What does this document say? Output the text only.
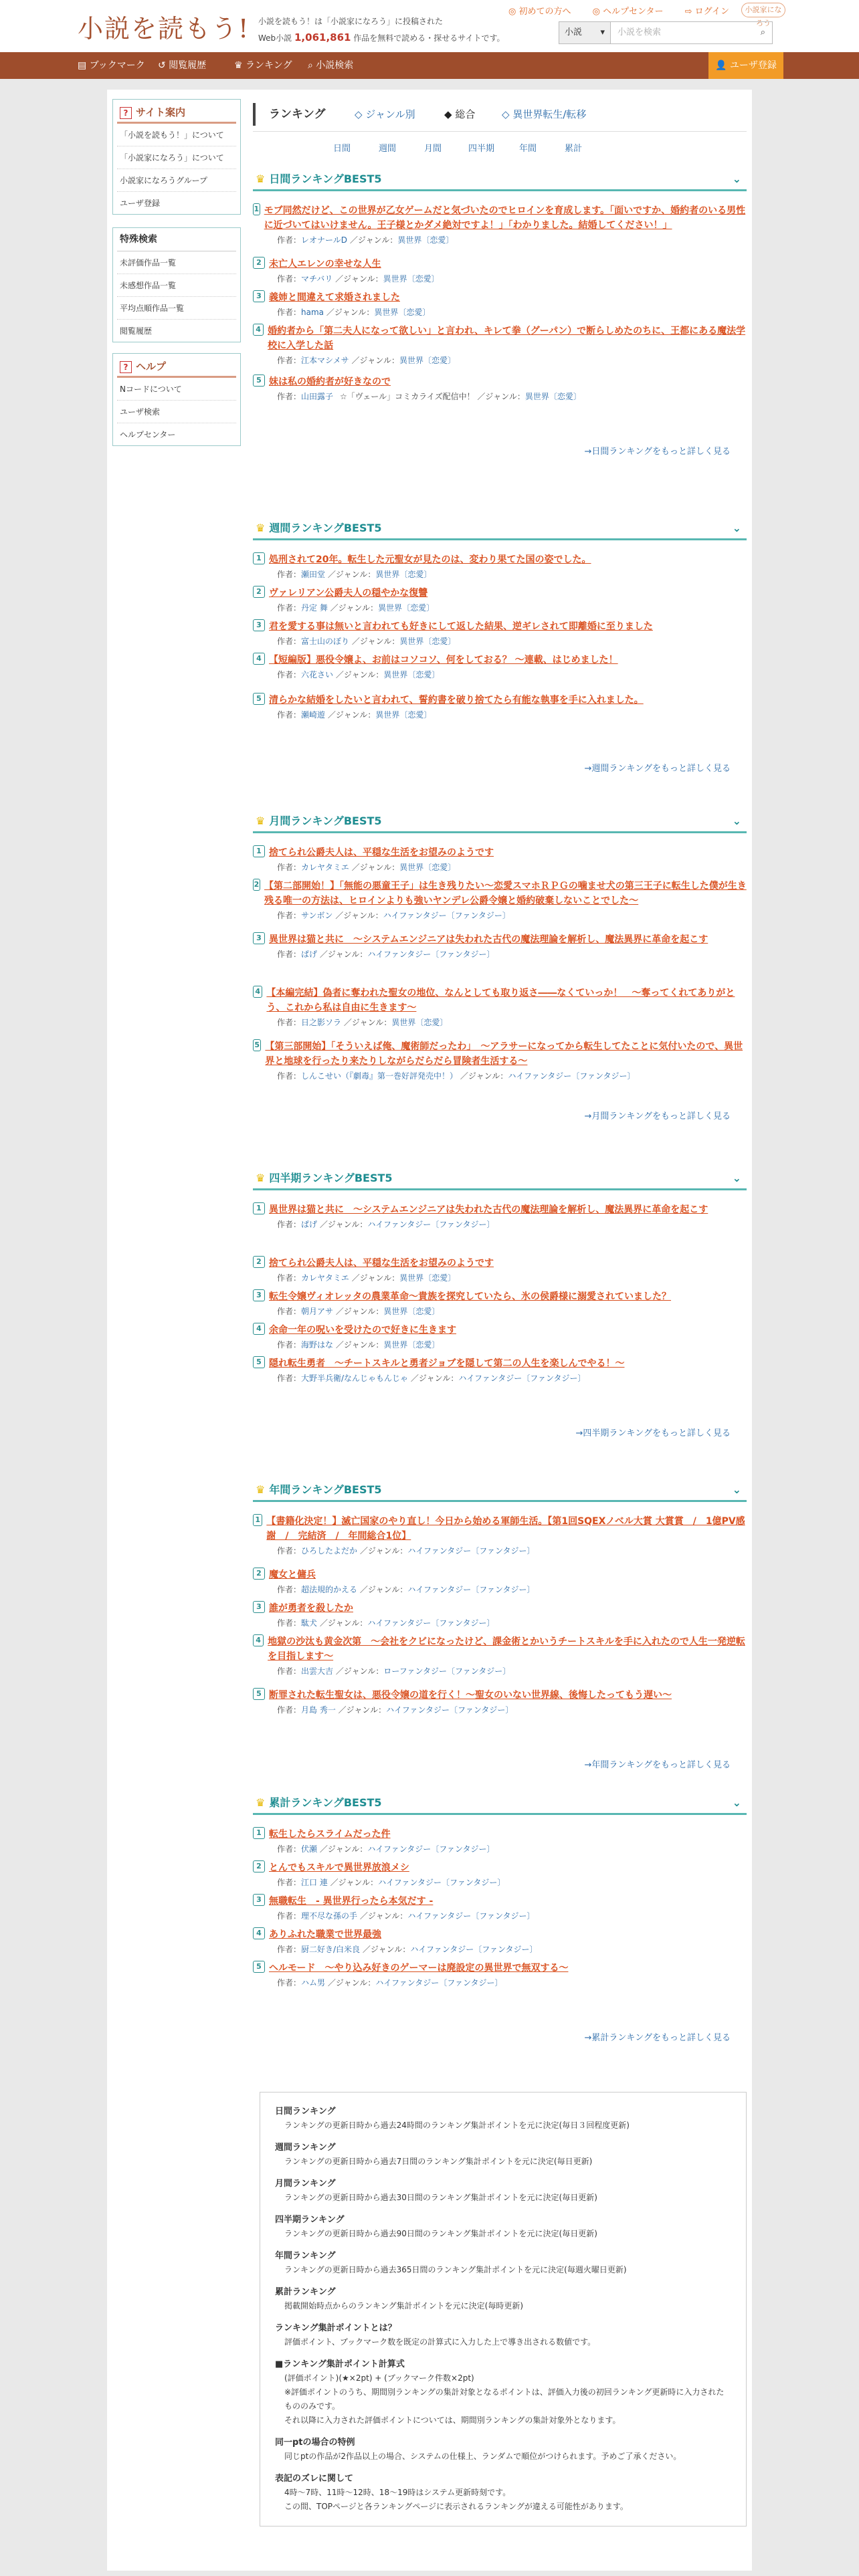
小説を読もう! 小説を読もう！は「小説家になろう」に投稿された
Web小説 1,061,861 作品を無料で読める・探せるサイトです。
◎ 初めての方へ ◎ ヘルプセンター ⇨ ログイン	小説家になろう
小説 ▾ 小説を検索	⌕
▤ ブックマーク ↺ 閲覧履歴	♛ ランキング ⌕ 小説検索	👤 ユーザ登録
? サイト案内
「小説を読もう！」について
「小説家になろう」について
小説家になろうグループ
ユーザ登録
特殊検索
未評価作品一覧
未感想作品一覧
平均点順作品一覧
閲覧履歴
? ヘルプ
Nコードについて
ユーザ検索
ヘルプセンター
ランキング	◇ ジャンル別	◆ 総合	◇ 異世界転生/転移
日間	週間	月間	四半期	年間	累計
♛ 日間ランキングBEST5	⌄
1 モブ同然だけど、この世界が乙女ゲームだと気づいたのでヒロインを育成します。「面いですか、婚約者のいる男性に近づいてはいけません。王子様とかダメ絶対ですよ！」「わかりました。結婚してください！」
作者：レオナールD ／ジャンル：異世界〔恋愛〕
2 未亡人エレンの幸せな人生
作者：マチバリ ／ジャンル：異世界〔恋愛〕
3 義姉と間違えて求婚されました
作者：hama ／ジャンル：異世界〔恋愛〕
4 婚約者から「第二夫人になって欲しい」と言われ、キレて拳（グーパン）で断らしめたのちに、王都にある魔法学校に入学した話
作者：江本マシメサ ／ジャンル：異世界〔恋愛〕
5 妹は私の婚約者が好きなので
作者：山田露子 ☆「ヴェール」コミカライズ配信中！ ／ジャンル：異世界〔恋愛〕
→日間ランキングをもっと詳しく見る
♛ 週間ランキングBEST5	⌄
1 処刑されて20年。転生した元聖女が見たのは、変わり果てた国の姿でした。
作者：瀬田堂 ／ジャンル：異世界〔恋愛〕
2 ヴァレリアン公爵夫人の穏やかな復讐
作者：丹定 舞 ／ジャンル：異世界〔恋愛〕
3 君を愛する事は無いと言われても好きにして返した結果、逆ギレされて即離婚に至りました
作者：富士山のぼり ／ジャンル：異世界〔恋愛〕
4 【短編版】悪役令嬢よ、お前はコソコソ、何をしておる？ ～連載、はじめました！
作者：六花さい ／ジャンル：異世界〔恋愛〕
5 清らかな結婚をしたいと言われて、誓約書を破り捨てたら有能な執事を手に入れました。
作者：瀬崎遊 ／ジャンル：異世界〔恋愛〕
→週間ランキングをもっと詳しく見る
♛ 月間ランキングBEST5	⌄
1 捨てられ公爵夫人は、平穏な生活をお望みのようです
作者：カレヤタミエ ／ジャンル：異世界〔恋愛〕
2 【第二部開始！】「無能の悪童王子」は生き残りたい～恋愛スマホＲＰＧの噛ませ犬の第三王子に転生した僕が生き残る唯一の方法は、ヒロインよりも強いヤンデレ公爵令嬢と婚約破棄しないことでした～
作者：サンボン ／ジャンル：ハイファンタジー〔ファンタジー〕
3 異世界は猫と共に　～システムエンジニアは失われた古代の魔法理論を解析し、魔法異界に革命を起こす
作者：ぱげ ／ジャンル：ハイファンタジー〔ファンタジー〕
4 【本編完結】偽者に奪われた聖女の地位、なんとしても取り返さ――なくていっか！　～奪ってくれてありがとう、これから私は自由に生きます～
作者：日之影ソラ ／ジャンル：異世界〔恋愛〕
5 【第三部開始】「そういえば俺、魔術師だったわ」　～アラサーになってから転生してたことに気付いたので、異世界と地球を行ったり来たりしながらだらだら冒険者生活する～
作者：しんこせい（『劇毒』第一巻好評発売中！） ／ジャンル：ハイファンタジー〔ファンタジー〕
→月間ランキングをもっと詳しく見る
♛ 四半期ランキングBEST5	⌄
1 異世界は猫と共に　～システムエンジニアは失われた古代の魔法理論を解析し、魔法異界に革命を起こす
作者：ぱげ ／ジャンル：ハイファンタジー〔ファンタジー〕
2 捨てられ公爵夫人は、平穏な生活をお望みのようです
作者：カレヤタミエ ／ジャンル：異世界〔恋愛〕
3 転生令嬢ヴィオレッタの農業革命～貴族を探究していたら、氷の侯爵様に溺愛されていました？
作者：朝月アサ ／ジャンル：異世界〔恋愛〕
4 余命一年の呪いを受けたので好きに生きます
作者：海野はな ／ジャンル：異世界〔恋愛〕
5 隠れ転生勇者　～チートスキルと勇者ジョブを隠して第二の人生を楽しんでやる！～
作者：大野半兵衛/なんじゃもんじゃ ／ジャンル：ハイファンタジー〔ファンタジー〕
→四半期ランキングをもっと詳しく見る
♛ 年間ランキングBEST5	⌄
1 【書籍化決定！】滅亡国家のやり直し！今日から始める軍師生活。【第1回SQEXノベル大賞 大賞賞　/　1億PV感謝　/　完結済　/　年間総合1位】
作者：ひろしたよだか ／ジャンル：ハイファンタジー〔ファンタジー〕
2 魔女と傭兵
作者：超法規的かえる ／ジャンル：ハイファンタジー〔ファンタジー〕
3 誰が勇者を殺したか
作者：駄犬 ／ジャンル：ハイファンタジー〔ファンタジー〕
4 地獄の沙汰も黄金次第　～会社をクビになったけど、課金術とかいうチートスキルを手に入れたので人生一発逆転を目指します～
作者：出雲大吉 ／ジャンル：ローファンタジー〔ファンタジー〕
5 断罪された転生聖女は、悪役令嬢の道を行く！～聖女のいない世界線、後悔したってもう遅い～
作者：月島 秀一 ／ジャンル：ハイファンタジー〔ファンタジー〕
→年間ランキングをもっと詳しく見る
♛ 累計ランキングBEST5	⌄
1 転生したらスライムだった件
作者：伏瀬 ／ジャンル：ハイファンタジー〔ファンタジー〕
2 とんでもスキルで異世界放浪メシ
作者：江口 連 ／ジャンル：ハイファンタジー〔ファンタジー〕
3 無職転生　- 異世界行ったら本気だす -
作者：理不尽な孫の手 ／ジャンル：ハイファンタジー〔ファンタジー〕
4 ありふれた職業で世界最強
作者：厨二好き/白米良 ／ジャンル：ハイファンタジー〔ファンタジー〕
5 ヘルモード　～やり込み好きのゲーマーは廃設定の異世界で無双する～
作者：ハム男 ／ジャンル：ハイファンタジー〔ファンタジー〕
→累計ランキングをもっと詳しく見る
日間ランキング

ランキングの更新日時から過去24時間のランキング集計ポイントを元に決定(毎日３回程度更新)

週間ランキング

ランキングの更新日時から過去7日間のランキング集計ポイントを元に決定(毎日更新)

月間ランキング

ランキングの更新日時から過去30日間のランキング集計ポイントを元に決定(毎日更新)

四半期ランキング

ランキングの更新日時から過去90日間のランキング集計ポイントを元に決定(毎日更新)

年間ランキング

ランキングの更新日時から過去365日間のランキング集計ポイントを元に決定(毎週火曜日更新)

累計ランキング

掲載開始時点からのランキング集計ポイントを元に決定(毎時更新)

ランキング集計ポイントとは？

評価ポイント、ブックマーク数を既定の計算式に入力した上で導き出される数値です。

■ランキング集計ポイント計算式

(評価ポイント)(★×2pt) + (ブックマーク件数×2pt)
※評価ポイントのうち、期間別ランキングの集計対象となるポイントは、評価入力後の初回ランキング更新時に入力されたもののみです。
それ以降に入力された評価ポイントについては、期間別ランキングの集計対象外となります。

同一ptの場合の特例

同じptの作品が2作品以上の場合、システムの仕様上、ランダムで順位がつけられます。予めご了承ください。

表記のズレに関して

4時〜7時、11時〜12時、18〜19時はシステム更新時刻です。
この間、TOPページと各ランキングページに表示されるランキングが違える可能性があります。
